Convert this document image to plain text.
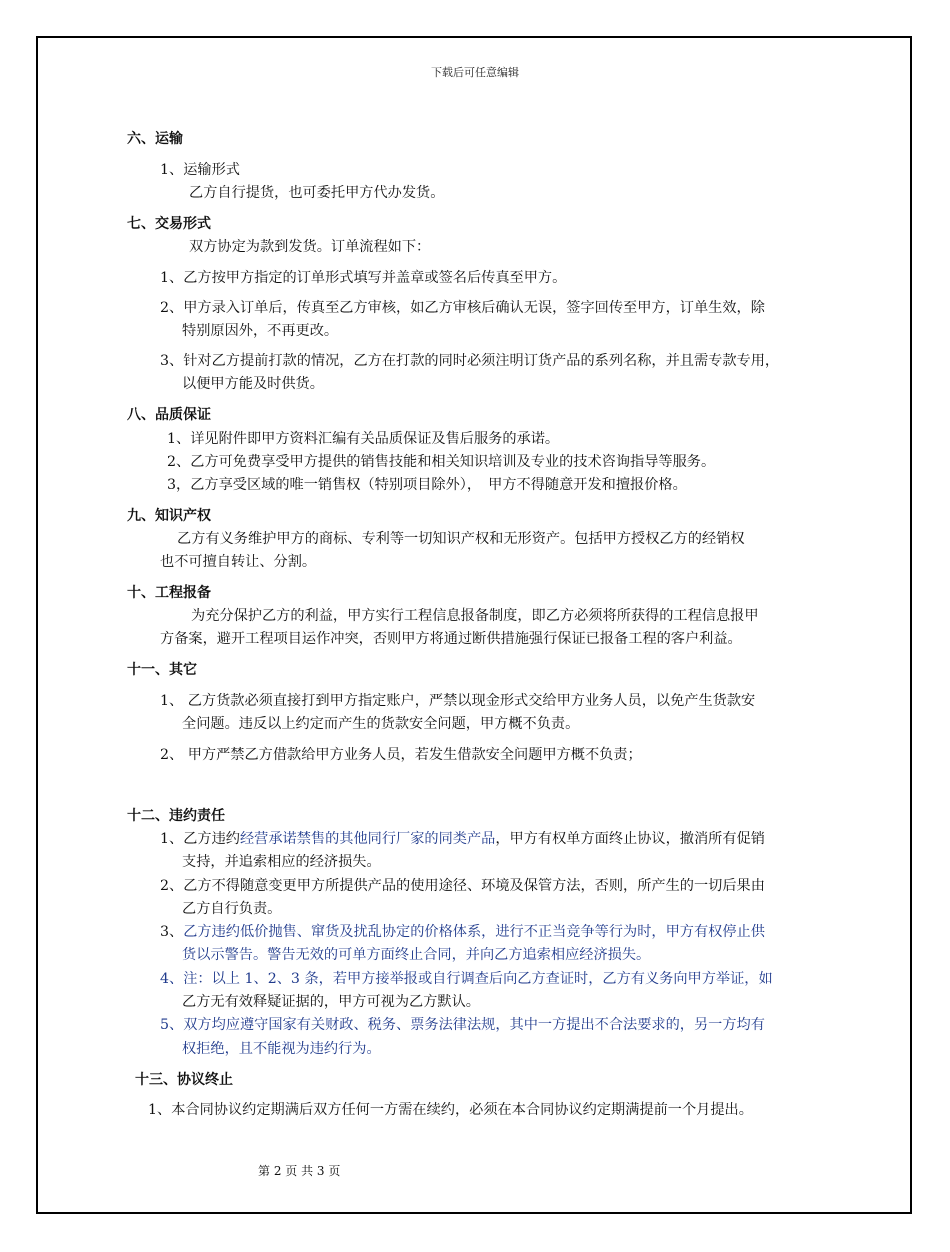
下载后可任意编辑
六、运输
1、运输形式
乙方自行提货，也可委托甲方代办发货。
七、交易形式
双方协定为款到发货。订单流程如下：
1、乙方按甲方指定的订单形式填写并盖章或签名后传真至甲方。
2、甲方录入订单后，传真至乙方审核，如乙方审核后确认无误，签字回传至甲方，订单生效，除
特别原因外，不再更改。
3、针对乙方提前打款的情况，乙方在打款的同时必须注明订货产品的系列名称，并且需专款专用，
以便甲方能及时供货。
八、品质保证
1、详见附件即甲方资料汇编有关品质保证及售后服务的承诺。
2、乙方可免费享受甲方提供的销售技能和相关知识培训及专业的技术咨询指导等服务。
3，乙方享受区域的唯一销售权（特别项目除外），　甲方不得随意开发和擅报价格。
九、知识产权
乙方有义务维护甲方的商标、专利等一切知识产权和无形资产。包括甲方授权乙方的经销权
也不可擅自转让、分割。
十、工程报备
为充分保护乙方的利益，甲方实行工程信息报备制度，即乙方必须将所获得的工程信息报甲
方备案，避开工程项目运作冲突，否则甲方将通过断供措施强行保证已报备工程的客户利益。
十一、其它
1、 乙方货款必须直接打到甲方指定账户，严禁以现金形式交给甲方业务人员，以免产生货款安
全问题。违反以上约定而产生的货款安全问题，甲方概不负责。
2、 甲方严禁乙方借款给甲方业务人员，若发生借款安全问题甲方概不负责；
十二、违约责任
1、乙方违约经营承诺禁售的其他同行厂家的同类产品，甲方有权单方面终止协议，撤消所有促销
支持，并追索相应的经济损失。
2、乙方不得随意变更甲方所提供产品的使用途径、环境及保管方法，否则，所产生的一切后果由
乙方自行负责。
3、乙方违约低价抛售、窜货及扰乱协定的价格体系，进行不正当竞争等行为时，甲方有权停止供
货以示警告。警告无效的可单方面终止合同，并向乙方追索相应经济损失。
4、注：以上 1、2、3 条，若甲方接举报或自行调查后向乙方查证时，乙方有义务向甲方举证，如
乙方无有效释疑证据的，甲方可视为乙方默认。
5、双方均应遵守国家有关财政、税务、票务法律法规，其中一方提出不合法要求的，另一方均有
权拒绝，且不能视为违约行为。
十三、协议终止
1、本合同协议约定期满后双方任何一方需在续约，必须在本合同协议约定期满提前一个月提出。
第 2 页 共 3 页
